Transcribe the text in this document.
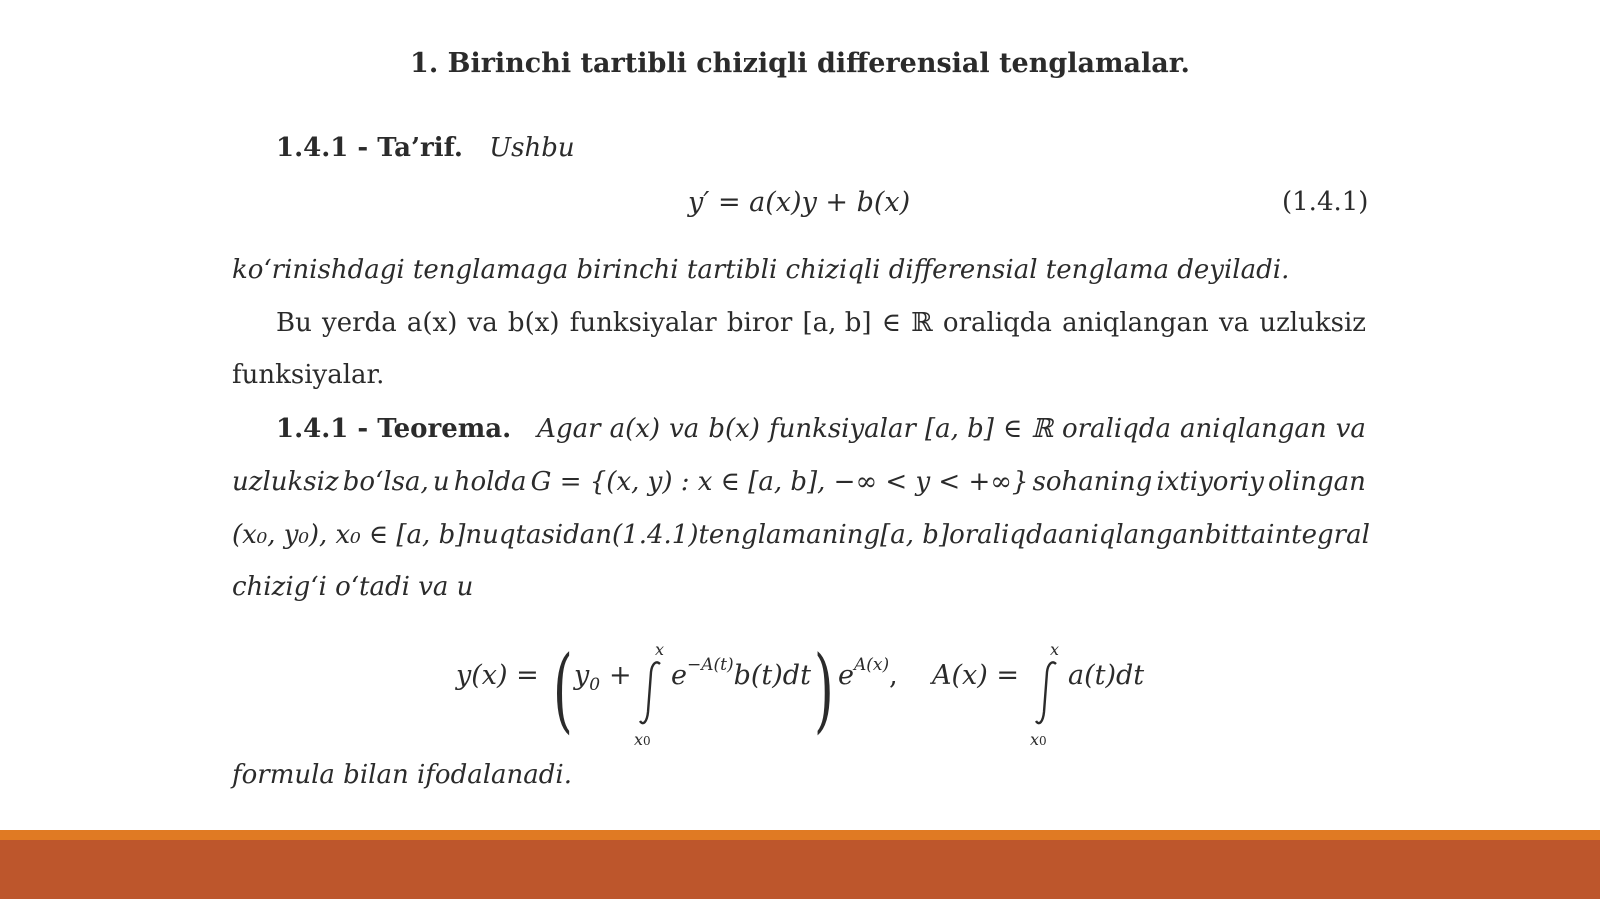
1. Birinchi tartibli chiziqli differensial tenglamalar.
1.4.1 - Ta’rif. Ushbu
y′ = a(x)y + b(x)	(1.4.1)
ko‘rinishdagi tenglamaga birinchi tartibli chiziqli differensial tenglama deyiladi.
Bu yerda a(x) va b(x) funksiyalar biror [a, b] ∈ ℝ oraliqda aniqlangan va uzluksiz
funksiyalar.
1.4.1 - Teorema. Agar a(x) va b(x) funksiyalar [a, b] ∈ ℝ oraliqda aniqlangan va
uzluksiz bo‘lsa, u holda G = {(x, y) : x ∈ [a, b], −∞ < y < +∞} sohaning ixtiyoriy olingan
(x₀, y₀), x₀ ∈ [a, b] nuqtasidan (1.4.1) tenglamaning [a, b] oraliqda aniqlangan bitta integral
chizig‘i o‘tadi va u
y(x) = ( $y_0$ +
x
x0
$e^{-A(t)}b(t)dt$ ) $e^{A(x)}$, A(x) =
x
x0
a(t)dt
formula bilan ifodalanadi.
